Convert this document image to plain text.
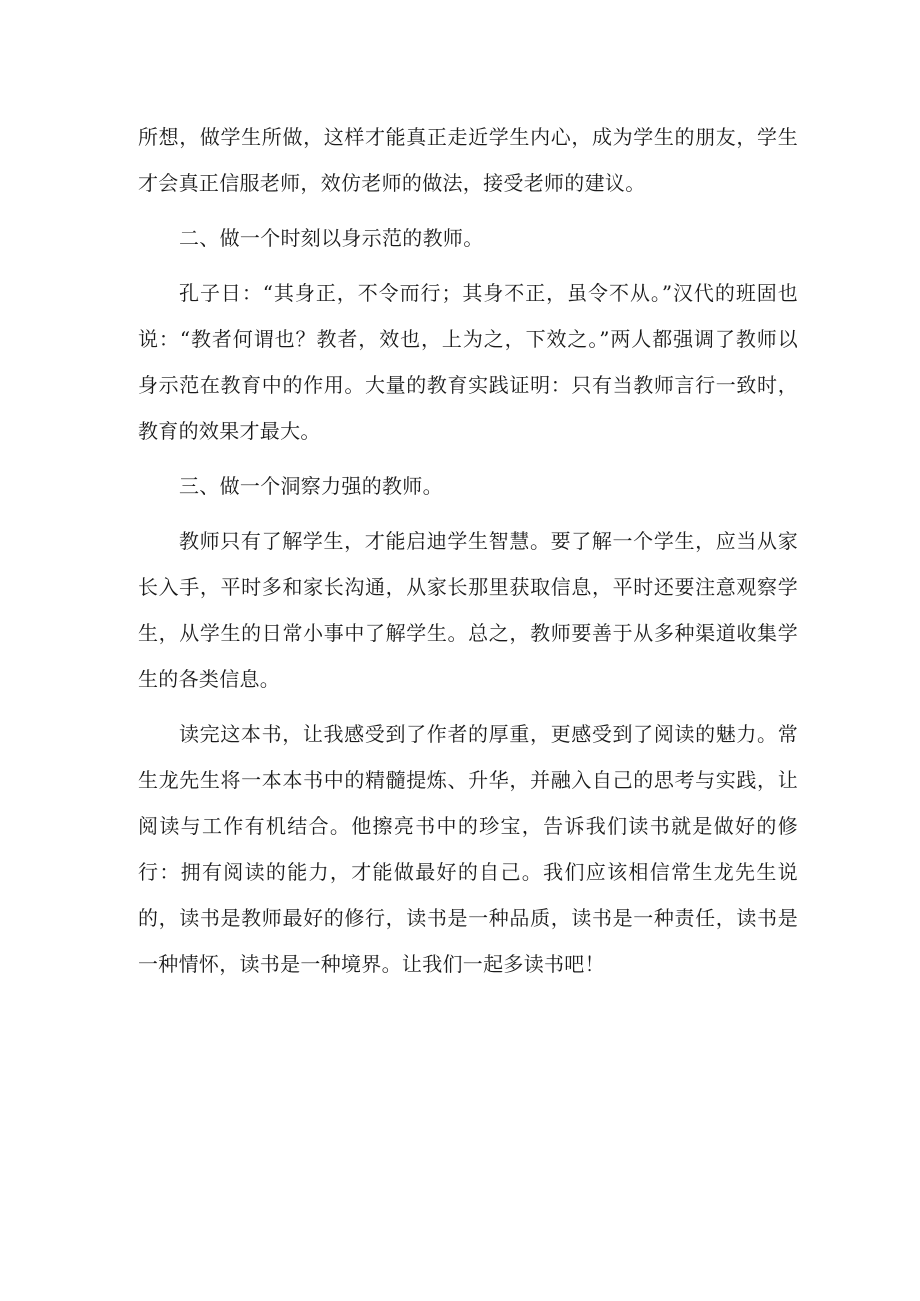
所想，做学生所做，这样才能真正走近学生内心，成为学生的朋友，学生才会真正信服老师，效仿老师的做法，接受老师的建议。

二、做一个时刻以身示范的教师。

孔子日：“其身正，不令而行；其身不正，虽令不从。”汉代的班固也说：“教者何谓也？教者，效也，上为之，下效之。”两人都强调了教师以身示范在教育中的作用。大量的教育实践证明：只有当教师言行一致时，教育的效果才最大。

三、做一个洞察力强的教师。

教师只有了解学生，才能启迪学生智慧。要了解一个学生，应当从家长入手，平时多和家长沟通，从家长那里获取信息，平时还要注意观察学生，从学生的日常小事中了解学生。总之，教师要善于从多种渠道收集学生的各类信息。

读完这本书，让我感受到了作者的厚重，更感受到了阅读的魅力。常生龙先生将一本本书中的精髓提炼、升华，并融入自己的思考与实践，让阅读与工作有机结合。他擦亮书中的珍宝，告诉我们读书就是做好的修行：拥有阅读的能力，才能做最好的自己。我们应该相信常生龙先生说的，读书是教师最好的修行，读书是一种品质，读书是一种责任，读书是一种情怀，读书是一种境界。让我们一起多读书吧！
